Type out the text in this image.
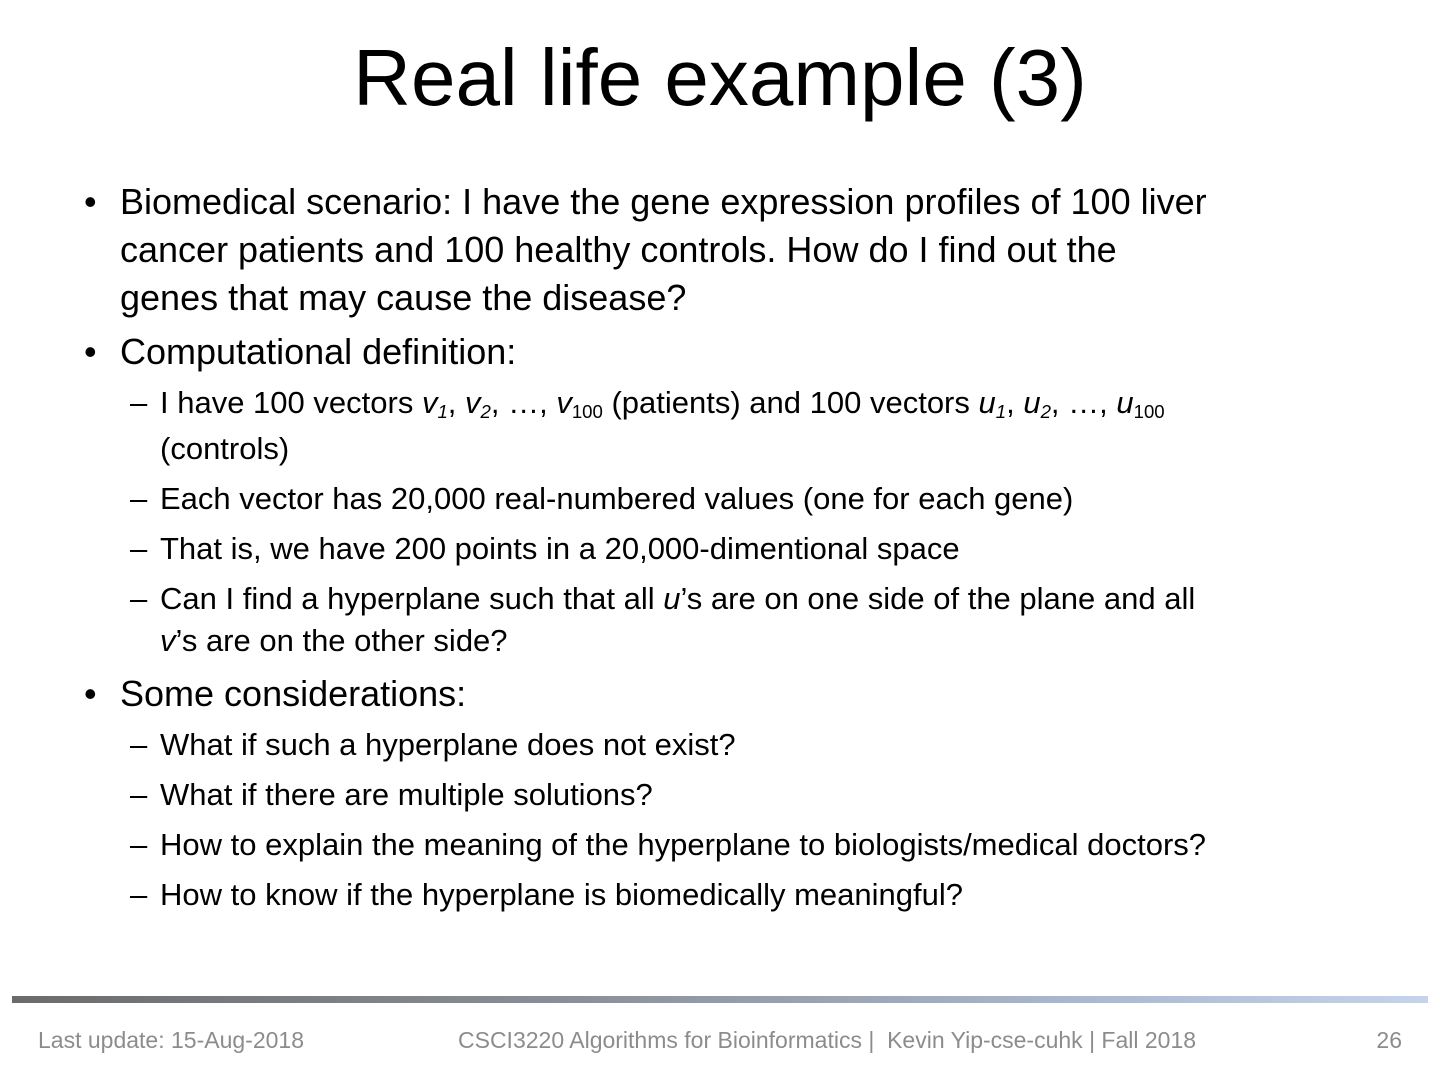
Real life example (3)
• Biomedical scenario: I have the gene expression profiles of 100 liver
cancer patients and 100 healthy controls. How do I find out the
genes that may cause the disease?
• Computational definition:
– I have 100 vectors $v_1$, $v_2$, …, $v_{100}$ (patients) and 100 vectors $u_1$, $u_2$, …, $u_{100}$
(controls)
– Each vector has 20,000 real-numbered values (one for each gene)
– That is, we have 200 points in a 20,000-dimentional space
– Can I find a hyperplane such that all u’s are on one side of the plane and all
v’s are on the other side?
• Some considerations:
– What if such a hyperplane does not exist?
– What if there are multiple solutions?
– How to explain the meaning of the hyperplane to biologists/medical doctors?
– How to know if the hyperplane is biomedically meaningful?
Last update: 15-Aug-2018	CSCI3220 Algorithms for Bioinformatics |  Kevin Yip-cse-cuhk | Fall 2018	26
